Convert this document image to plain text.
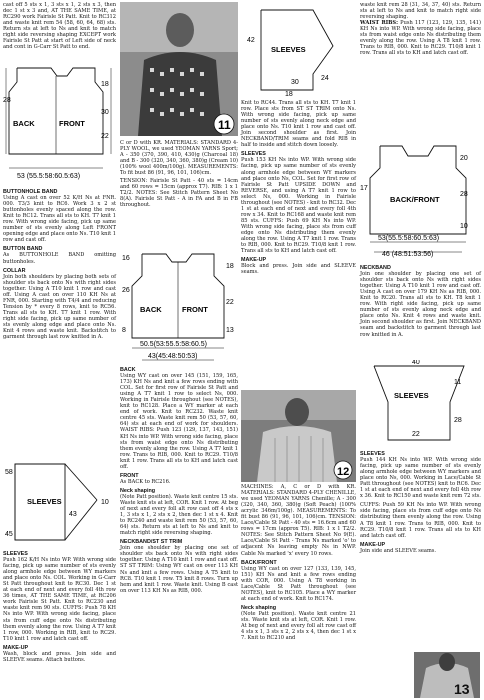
cast off 5 sts x 1, 3 sts x 1, 2 sts x 3, then dec 1 st x 3 and, AT THE SAME TIME, at RC290 work Fairisle St Patt. Knit to RC312 and waste knit rem 54 (58, 60, 64, 68) sts. Return sts at left to Ns and knit to match right side reversing shaping EXCEPT work Fairisle St Patt at start of Left side of neck and cont in G-Carr St Patt to end.

28
18
30
22
BACK	FRONT
53 (55.5:58:60.5:63)
BUTTONHOLE BAND

Using A cast on over 52 K/H Ns at FNR. 000. T3/3 knit to RC6. Work 3 x 2 st buttonholes evenly spaced along the row. Knit to RC12. Trans all sts to KH. T7 knit 1 row. With wrong side facing, pick up same number of sts evenly along Left FRONT opening edge and place onto Ns. T10 knit 1 row and cast off.

BUTTON BAND

As BUTTONHOLE BAND omitting buttonholes.

COLLAR

Join both shoulders by placing both sets of shoulder sts back onto Ns with right sides together. Using A T10 knit 1 row and cast off. Using A cast on over 110 KH Ns at FNR, 000. Starting with T4/4 and reducing Tension by * every 8 rows, knit to RC56. Trans all sts to KH. T7 knit 1 row. With right side facing, pick up same number of sts evenly along edge and place onto Ns. Knit 4 rows and waste knit. Backstitch to garment through last row knitted in A.

58
45
43
10
SLEEVES
SLEEVES

Push 162 K/H Ns into WP. With wrong side facing, pick up same number of sts evenly along armhole edge between WY markers and place onto Ns. COL. Working in G-Carr St Patt throughout knit to RC30. Dec 1 st at each end of next and every foll 4th row 36 times, AT THE SAME TIME, at RC206 work Fairisle St Patt. Knit to RC230 and waste knit rem 90 sts. CUFFS: Push 78 KH Ns into WP. With wrong side facing, place sts from cuff edge onto Ns distributing them evenly along the row. Using A T7 knit 1 row, 000. Working in RIB, knit to RC29. T10 knit 1 row and latch cast off.

MAKE-UP

Wash, block and press. Join side and SLEEVE seams. Attach buttons.

11

C or D with KR. MATERIALS: STANDARD 4-PLY WOOL, we used YEOMAN YARNS Sport; A - 350 (370, 390, 410, 430)g (Charcoal 18) and B - 300 (320, 340, 360, 380)g (Cream 10) (100% wool 400m/100g). MEASUREMENTS: To fit bust 86 (91, 96, 101, 106)cm.

TENSION: Fairisle St Patt - 40 sts = 14cm and 60 rows = 15cm (approx T7). RIB: 1 x 1 T2/2. NOTES: See Stitch Pattern Sheet No 8(A). Fairisle St Patt - A in FA and B in FB throughout.

16
26
18
22
13
8
BACK	FRONT
50.5(53:55.5:58:60.5)
43(45:48:50:53)
BACK

Using WY cast on over 145 (151, 159, 165, 173) KH Ns and knit a few rows ending with COL. Set for first row of Fairisle St Patt and using A T7 knit 1 row to select Ns, 000. Working in Fairisle throughout (see NOTES), knit to RC128. Place a WY marker at each end of work. Knit to RC232. Waste knit centre 45 sts. Waste knit rem 50 (53, 57, 60, 64) sts at each end of work for shoulders. WAIST RIBS: Push 123 (129, 137, 143, 151) KH Ns into WP. With wrong side facing, place sts from waist edge onto Ns distributing them evenly along the row. Using A T7 knit 1 row. Trans to RIB, 000. Knit to RC29. T10/8 knit 1 row. Trans all sts to KH and latch cast off.

FRONT

As BACK to RC216.

Neck shaping

(Note Patt position). Waste knit centre 15 sts. Waste knit sts at left, COR. Knit 1 row. At beg of next and every foll alt row cast off 4 sts x 1, 3 sts x 1, 2 sts x 2, then dec 1 st x 4. Knit to RC240 and waste knit rem 50 (53, 57, 60, 64) sts. Return sts at left to Ns and knit to match right side reversing shaping.

NECKBAND/ST ST TRIM

Join one shoulder by placing one set of shoulder sts back onto Ns with right sides together. Using A T10 knit 1 row and cast off. ST ST TRIM: Using WY cast on over 113 KH Ns and knit a few rows. Using A T5 knit to RC8. T10 knit 1 row. T5 knit 8 rows. Turn up hem and knit 1 row. Waste knit. Using B cast on over 113 KH Ns as RIB, 000.

42
30
24
18
SLEEVES

Knit to RC44. Trans all sts to KH. T7 knit 1 row. Place sts from ST ST TRIM onto Ns. With wrong side facing, pick up same number of sts evenly along neck edge and place onto Ns. T10 knit 1 row and cast off. Join second shoulder as first. Join NECKBAND/TRIM seams and fold RIB in half to inside and stitch down loosely.

SLEEVES

Push 153 KH Ns into WP. With wrong side facing, pick up same number of sts evenly along armhole edge between WY markers and place onto Ns, COL. Set for first row of Fairisle St Patt UPSIDE DOWN and REVERSE, and using A T7 knit 1 row to select Ns, 000. Working in Fairisle throughout (see NOTES) - knit to RC32. Dec 1 st at each end of next and every foll 4th row x 34. Knit to RC168 and waste knit rem 85 sts. CUFFS: Push 69 KH Ns into WP. With wrong side facing, place sts from cuff edge onto Ns distributing them evenly along the row. Using A T7 knit 1 row. Trans to RIB, 000. Knit to RC29. T10/8 knit 1 row. Trans all sts to KH and latch cast off.

MAKE-UP

Block and press. Join side and SLEEVE seams.

12

MACHINES: A, C or D with KR. MATERIALS: STANDARD 4-PLY CHENILLE, we used YEOMAN YARNS Chenille; A - 300 (320, 340, 360, 380)g (Soft Peach) (100% acrylic 346m/100g). MEASUREMENTS: To fit bust 86 (91, 96, 101, 106)cm. TENSION: Lace/Cable St Patt - 40 sts = 16.6cm and 60 rows = 17cm (approx T5). RIB: 1 x 1 T2/2. NOTES: See Stitch Pattern Sheet No 9(E). Lace/Cable St Patt - Trans Ns marked 'o' to adjacent Ns leaving empty Ns in NWP. Cable Ns marked 'x' every 10 rows.

BACK/FRONT

Using WY cast on over 127 (133, 139, 145, 151) KH Ns and knit a few rows ending with COR, 000. Using A T8 working in Lace/Cable St Patt throughout (see NOTES), knit to RC105. Place a WY marker at each end of work. Knit to RC174.

Neck shaping

(Note Patt position). Waste knit centre 21 sts. Waste knit sts at left, COR. Knit 1 row. At beg of next and every foll alt row cast off 4 sts x 1, 3 sts x 2, 2 sts x 4, then dec 1 st x 7. Knit to RC210 and

waste knit rem 28 (31, 34, 37, 40) sts. Return sts at left to Ns and knit to match right side reversing shaping.

WAIST RIBS: Push 117 (123, 129, 135, 141) KH Ns into WP. With wrong side facing, place sts from waist edge onto Ns distributing them evenly along the row. Using A T8 knit 1 row. Trans to RIB, 000. Knit to RC29. T10/8 knit 1 row. Trans all sts to KH and latch cast off.

20
28
10
17
BACK/FRONT
53(55.5:58:60.5:63)
46 (48:51:53:56)
NECKBAND

Join one shoulder by placing one set of shoulder sts back onto Ns with right sides together. Using A T10 knit 1 row and cast off. Using A cast on over 179 KH Ns as RIB, 000. Knit to RC20. Trans all sts to KH. T8 knit 1 row. With right side facing, pick up same number of sts evenly along neck edge and place onto Ns. Knit 4 rows and waste knit. Join second shoulder as first. Join NECKBAND seam and backstitch to garment through last row knitted in A.

40
28
22
11
SLEEVES
SLEEVES

Push 144 KH Ns into WP. With wrong side facing, pick up same number of sts evenly along armhole edge between WY markers and place onto Ns, 000. Working in Lace/Cable St Patt throughout (see NOTES) knit to RC6. Dec 1 st at each end of next and every foll 4th row x 36. Knit to RC150 and waste knit rem 72 sts.

CUFFS: Push 59 KH Ns into WP. With wrong side facing, place sts from cuff edge onto Ns distributing them evenly along the row. Using A T8 knit 1 row. Trans to RIB, 000. Knit to RC29. T10/8 knit 1 row. Trans all sts to KH and latch cast off.

MAKE-UP

Join side and SLEEVE seams.

13
